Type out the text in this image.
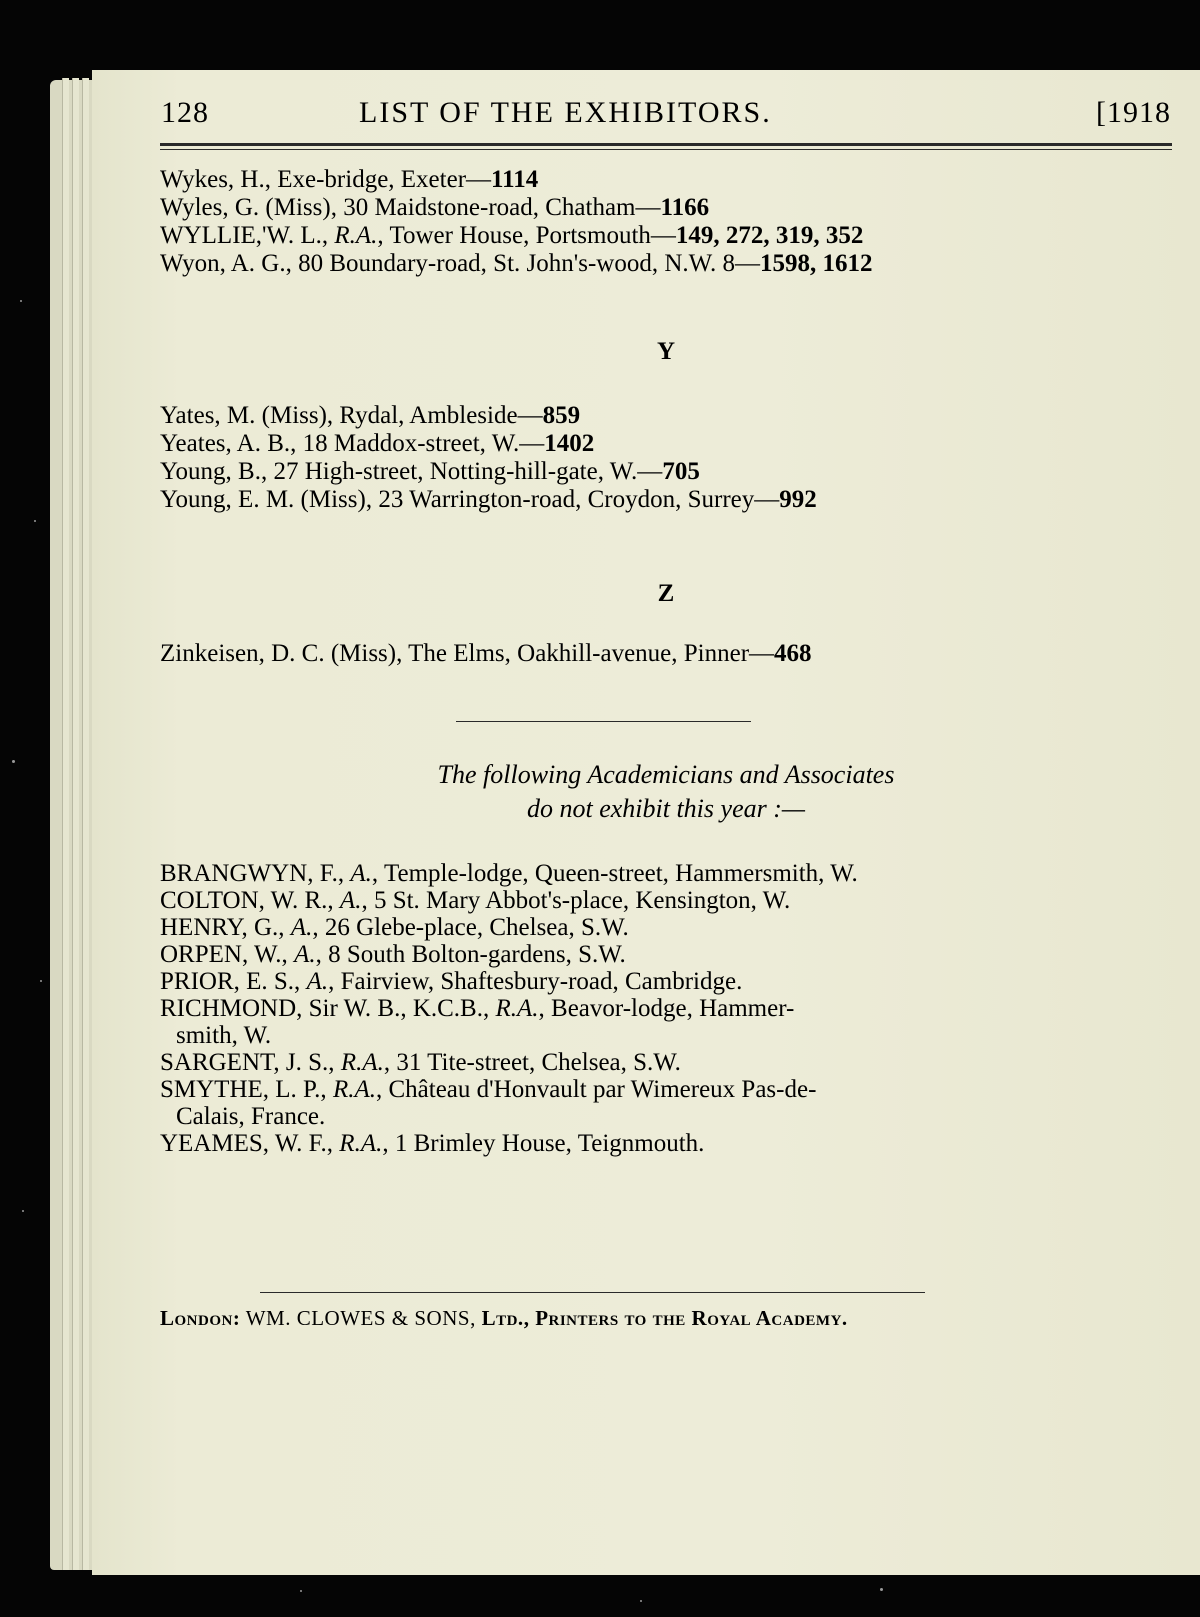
128	LIST OF THE EXHIBITORS.	[1918
Wykes, H., Exe-bridge, Exeter—1114
Wyles, G. (Miss), 30 Maidstone-road, Chatham—1166
WYLLIE,'W. L., R.A., Tower House, Portsmouth—149, 272, 319, 352
Wyon, A. G., 80 Boundary-road, St. John's-wood, N.W. 8—1598, 1612
Y
Yates, M. (Miss), Rydal, Ambleside—859
Yeates, A. B., 18 Maddox-street, W.—1402
Young, B., 27 High-street, Notting-hill-gate, W.—705
Young, E. M. (Miss), 23 Warrington-road, Croydon, Surrey—992
Z
Zinkeisen, D. C. (Miss), The Elms, Oakhill-avenue, Pinner—468
The following Academicians and Associates
do not exhibit this year :—
BRANGWYN, F., A., Temple-lodge, Queen-street, Hammersmith, W.
COLTON, W. R., A., 5 St. Mary Abbot's-place, Kensington, W.
HENRY, G., A., 26 Glebe-place, Chelsea, S.W.
ORPEN, W., A., 8 South Bolton-gardens, S.W.
PRIOR, E. S., A., Fairview, Shaftesbury-road, Cambridge.
RICHMOND, Sir W. B., K.C.B., R.A., Beavor-lodge, Hammer-
smith, W.
SARGENT, J. S., R.A., 31 Tite-street, Chelsea, S.W.
SMYTHE, L. P., R.A., Château d'Honvault par Wimereux Pas-de-
Calais, France.
YEAMES, W. F., R.A., 1 Brimley House, Teignmouth.
London: WM. CLOWES & SONS, Ltd., Printers to the Royal Academy.
